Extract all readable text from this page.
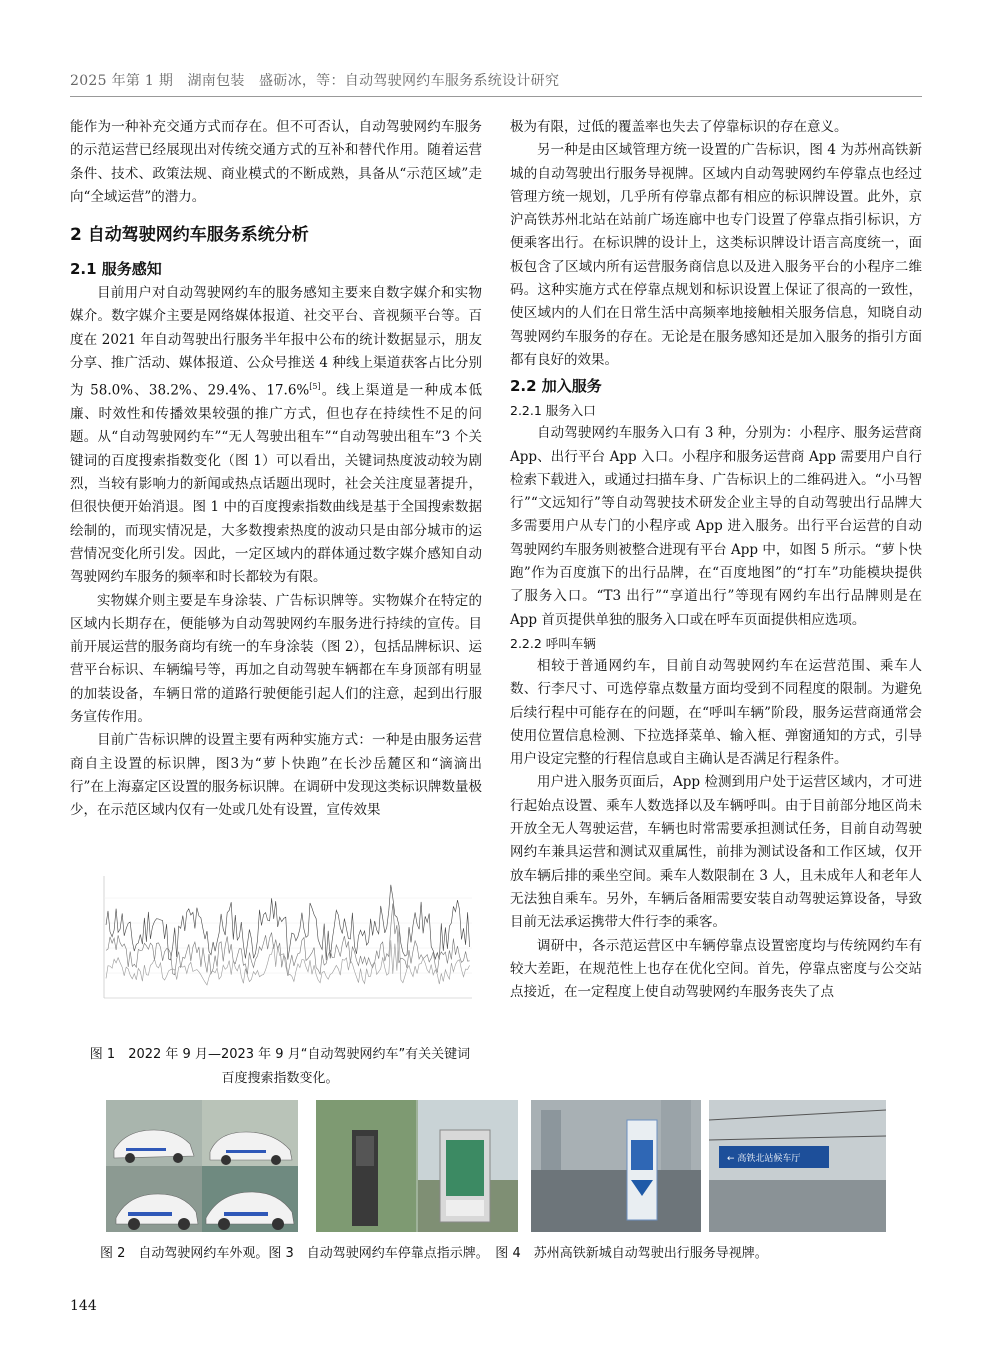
2025 年第 1 期　湖南包装　盛砺冰，等：自动驾驶网约车服务系统设计研究

能作为一种补充交通方式而存在。但不可否认，自动驾驶网约车服务的示范运营已经展现出对传统交通方式的互补和替代作用。随着运营条件、技术、政策法规、商业模式的不断成熟，具备从“示范区域”走向“全域运营”的潜力。

2 自动驾驶网约车服务系统分析
2.1 服务感知

目前用户对自动驾驶网约车的服务感知主要来自数字媒介和实物媒介。数字媒介主要是网络媒体报道、社交平台、音视频平台等。百度在 2021 年自动驾驶出行服务半年报中公布的统计数据显示，朋友分享、推广活动、媒体报道、公众号推送 4 种线上渠道获客占比分别为 58.0%、38.2%、29.4%、17.6%[5]。线上渠道是一种成本低廉、时效性和传播效果较强的推广方式，但也存在持续性不足的问题。从“自动驾驶网约车”“无人驾驶出租车”“自动驾驶出租车”3 个关键词的百度搜索指数变化（图 1）可以看出，关键词热度波动较为剧烈，当较有影响力的新闻或热点话题出现时，社会关注度显著提升，但很快便开始消退。图 1 中的百度搜索指数曲线是基于全国搜索数据绘制的，而现实情况是，大多数搜索热度的波动只是由部分城市的运营情况变化所引发。因此，一定区域内的群体通过数字媒介感知自动驾驶网约车服务的频率和时长都较为有限。

实物媒介则主要是车身涂装、广告标识牌等。实物媒介在特定的区域内长期存在，便能够为自动驾驶网约车服务进行持续的宣传。目前开展运营的服务商均有统一的车身涂装（图 2），包括品牌标识、运营平台标识、车辆编号等，再加之自动驾驶车辆都在车身顶部有明显的加装设备，车辆日常的道路行驶便能引起人们的注意，起到出行服务宣传作用。

目前广告标识牌的设置主要有两种实施方式：一种是由服务运营商自主设置的标识牌，图3为“萝卜快跑”在长沙岳麓区和“滴滴出行”在上海嘉定区设置的服务标识牌。在调研中发现这类标识牌数量极少，在示范区域内仅有一处或几处有设置，宣传效果

极为有限，过低的覆盖率也失去了停靠标识的存在意义。

另一种是由区域管理方统一设置的广告标识，图 4 为苏州高铁新城的自动驾驶出行服务导视牌。区域内自动驾驶网约车停靠点也经过管理方统一规划，几乎所有停靠点都有相应的标识牌设置。此外，京沪高铁苏州北站在站前广场连廊中也专门设置了停靠点指引标识，方便乘客出行。在标识牌的设计上，这类标识牌设计语言高度统一，面板包含了区域内所有运营服务商信息以及进入服务平台的小程序二维码。这种实施方式在停靠点规划和标识设置上保证了很高的一致性，使区域内的人们在日常生活中高频率地接触相关服务信息，知晓自动驾驶网约车服务的存在。无论是在服务感知还是加入服务的指引方面都有良好的效果。

2.2 加入服务
2.2.1 服务入口

自动驾驶网约车服务入口有 3 种，分别为：小程序、服务运营商 App、出行平台 App 入口。小程序和服务运营商 App 需要用户自行检索下载进入，或通过扫描车身、广告标识上的二维码进入。“小马智行”“文远知行”等自动驾驶技术研发企业主导的自动驾驶出行品牌大多需要用户从专门的小程序或 App 进入服务。出行平台运营的自动驾驶网约车服务则被整合进现有平台 App 中，如图 5 所示。“萝卜快跑”作为百度旗下的出行品牌，在“百度地图”的“打车”功能模块提供了服务入口。“T3 出行”“享道出行”等现有网约车出行品牌则是在 App 首页提供单独的服务入口或在呼车页面提供相应选项。

2.2.2 呼叫车辆

相较于普通网约车，目前自动驾驶网约车在运营范围、乘车人数、行李尺寸、可选停靠点数量方面均受到不同程度的限制。为避免后续行程中可能存在的问题，在“呼叫车辆”阶段，服务运营商通常会使用位置信息检测、下拉选择菜单、输入框、弹窗通知的方式，引导用户设定完整的行程信息或自主确认是否满足行程条件。

用户进入服务页面后，App 检测到用户处于运营区域内，才可进行起始点设置、乘车人数选择以及车辆呼叫。由于目前部分地区尚未开放全无人驾驶运营，车辆也时常需要承担测试任务，目前自动驾驶网约车兼具运营和测试双重属性，前排为测试设备和工作区域，仅开放车辆后排的乘坐空间。乘车人数限制在 3 人，且未成年人和老年人无法独自乘车。另外，车辆后备厢需要安装自动驾驶运算设备，导致目前无法承运携带大件行李的乘客。

调研中，各示范运营区中车辆停靠点设置密度均与传统网约车有较大差距，在规范性上也存在优化空间。首先，停靠点密度与公交站点接近，在一定程度上使自动驾驶网约车服务丧失了点

图 1　2022 年 9 月—2023 年 9 月“自动驾驶网约车”有关关键词
百度搜索指数变化。
← 高铁北站候车厅
图 2　自动驾驶网约车外观。图 3　自动驾驶网约车停靠点指示牌。　图 4　苏州高铁新城自动驾驶出行服务导视牌。
144
